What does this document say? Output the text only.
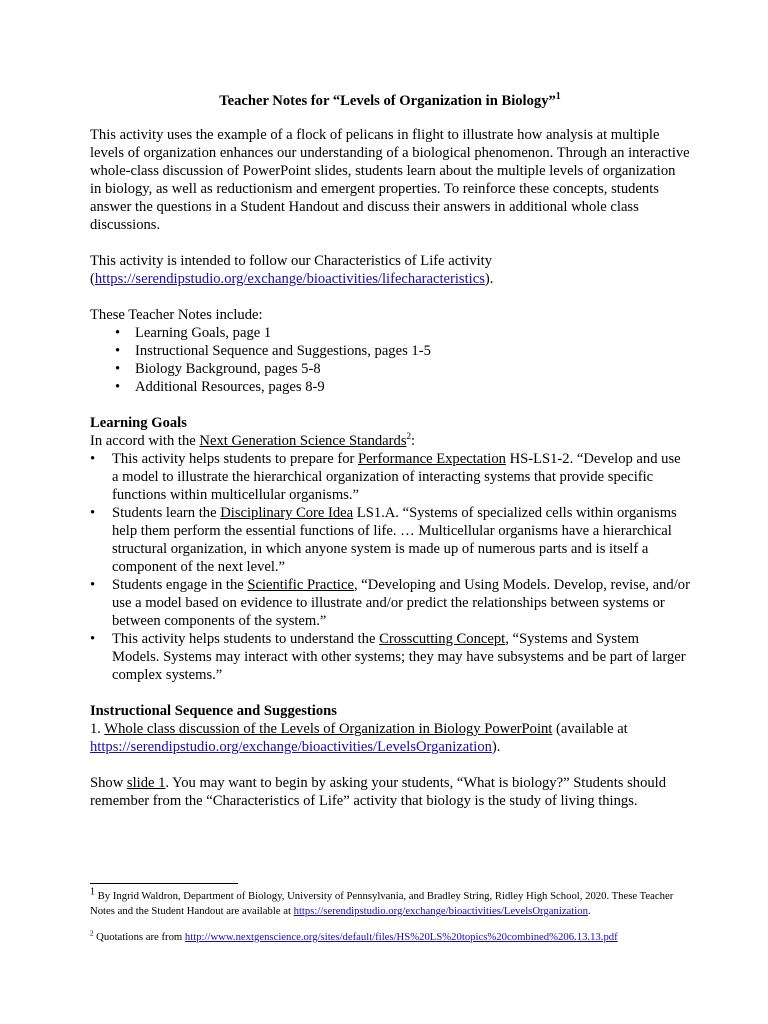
Teacher Notes for “Levels of Organization in Biology”$^1$

This activity uses the example of a flock of pelicans in flight to illustrate how analysis at multiple levels of organization enhances our understanding of a biological phenomenon. Through an interactive whole-class discussion of PowerPoint slides, students learn about the multiple levels of organization in biology, as well as reductionism and emergent properties. To reinforce these concepts, students answer the questions in a Student Handout and discuss their answers in additional whole class discussions.

This activity is intended to follow our Characteristics of Life activity
(https://serendipstudio.org/exchange/bioactivities/lifecharacteristics).

These Teacher Notes include:

• Learning Goals, page 1
• Instructional Sequence and Suggestions, pages 1-5
• Biology Background, pages 5-8
• Additional Resources, pages 8-9

Learning Goals

In accord with the Next Generation Science Standards$^2$:

• This activity helps students to prepare for Performance Expectation HS-LS1-2. “Develop and use a model to illustrate the hierarchical organization of interacting systems that provide specific functions within multicellular organisms.”
• Students learn the Disciplinary Core Idea LS1.A. “Systems of specialized cells within organisms help them perform the essential functions of life. … Multicellular organisms have a hierarchical structural organization, in which anyone system is made up of numerous parts and is itself a component of the next level.”
• Students engage in the Scientific Practice, “Developing and Using Models. Develop, revise, and/or use a model based on evidence to illustrate and/or predict the relationships between systems or between components of the system.”
• This activity helps students to understand the Crosscutting Concept, “Systems and System Models. Systems may interact with other systems; they may have subsystems and be part of larger complex systems.”

Instructional Sequence and Suggestions

1. Whole class discussion of the Levels of Organization in Biology PowerPoint (available at
https://serendipstudio.org/exchange/bioactivities/LevelsOrganization).

Show slide 1. You may want to begin by asking your students, “What is biology?” Students should remember from the “Characteristics of Life” activity that biology is the study of living things.

$^1$ By Ingrid Waldron, Department of Biology, University of Pennsylvania, and Bradley String, Ridley High School, 2020. These Teacher Notes and the Student Handout are available at https://serendipstudio.org/exchange/bioactivities/LevelsOrganization.

$^2$ Quotations are from http://www.nextgenscience.org/sites/default/files/HS%20LS%20topics%20combined%206.13.13.pdf
